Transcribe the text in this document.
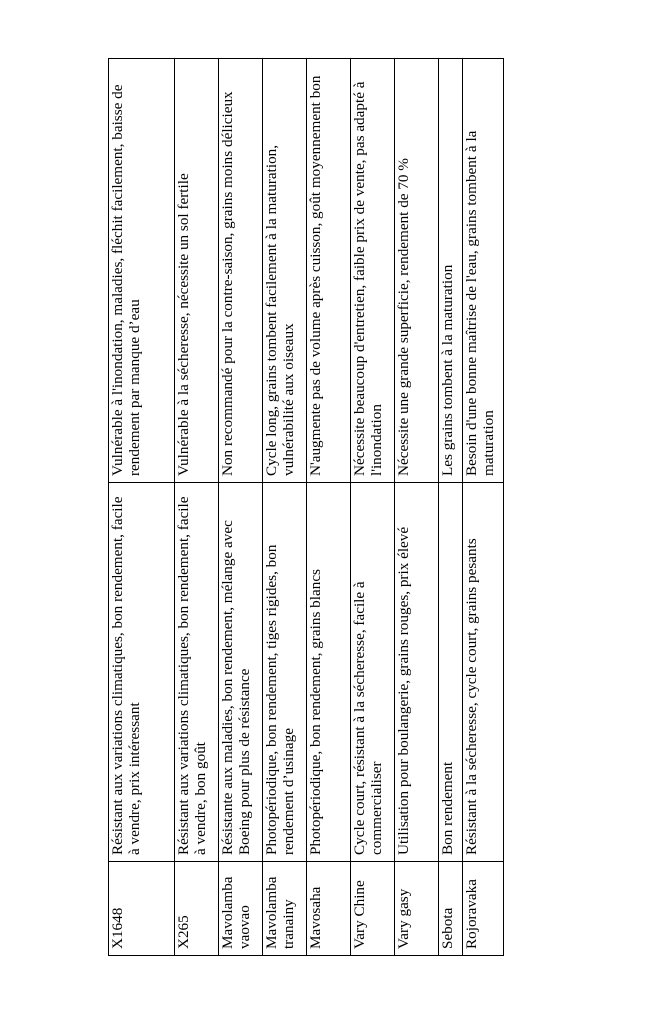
X1648	Résistant aux variations climatiques, bon rendement, facile à vendre, prix intéressant	Vulnérable à l'inondation, maladies, fléchit facilement, baisse de rendement par manque d’eau
X265	Résistant aux variations climatiques, bon rendement, facile à vendre, bon goût	Vulnérable à la sécheresse, nécessite un sol fertile
Mavolamba vaovao	Résistante aux maladies, bon rendement, mélange avec Boeing pour plus de résistance	Non recommandé pour la contre-saison, grains moins délicieux
Mavolamba tranainy	Photopériodique, bon rendement, tiges rigides, bon rendement d’usinage	Cycle long, grains tombent facilement à la maturation, vulnérabilité aux oiseaux
Mavosaha	Photopériodique, bon rendement, grains blancs	N'augmente pas de volume après cuisson, goût moyennement bon
Vary Chine	Cycle court, résistant à la sécheresse, facile à commercialiser	Nécessite beaucoup d'entretien, faible prix de vente, pas adapté à l'inondation
Vary gasy	Utilisation pour boulangerie, grains rouges, prix élevé	Nécessite une grande superficie, rendement de 70 %
Sebota	Bon rendement	Les grains tombent à la maturation
Rojoravaka	Résistant à la sécheresse, cycle court, grains pesants	Besoin d'une bonne maîtrise de l'eau, grains tombent à la maturation
